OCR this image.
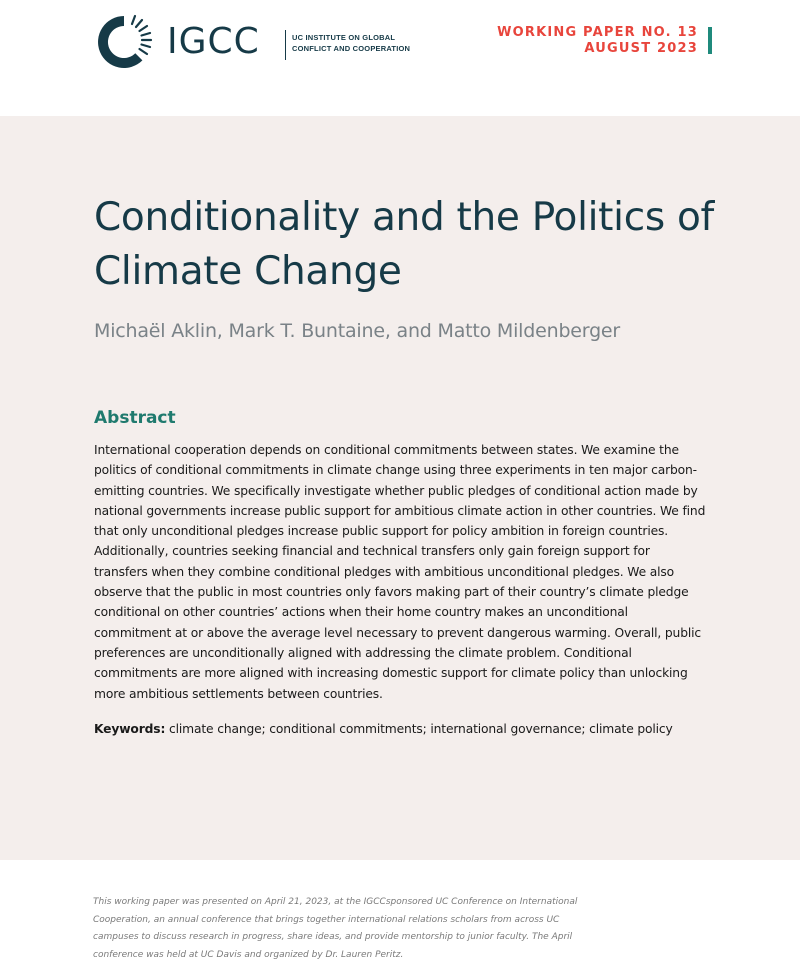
IGCC	UC INSTITUTE ON GLOBAL
CONFLICT AND COOPERATION
WORKING PAPER NO. 13
AUGUST 2023
Conditionality and the Politics of Climate Change

Michaël Aklin, Mark T. Buntaine, and Matto Mildenberger

Abstract

International cooperation depends on conditional commitments between states. We examine the politics of conditional commitments in climate change using three experiments in ten major carbon-emitting countries. We specifically investigate whether public pledges of conditional action made by national governments increase public support for ambitious climate action in other countries. We find that only unconditional pledges increase public support for policy ambition in foreign countries. Additionally, countries seeking financial and technical transfers only gain foreign support for transfers when they combine conditional pledges with ambitious unconditional pledges. We also observe that the public in most countries only favors making part of their country’s climate pledge conditional on other countries’ actions when their home country makes an unconditional commitment at or above the average level necessary to prevent dangerous warming. Overall, public preferences are unconditionally aligned with addressing the climate problem. Conditional commitments are more aligned with increasing domestic support for climate policy than unlocking more ambitious settlements between countries.

Keywords: climate change; conditional commitments; international governance; climate policy

This working paper was presented on April 21, 2023, at the IGCCsponsored UC Conference on International Cooperation, an annual conference that brings together international relations scholars from across UC campuses to discuss research in progress, share ideas, and provide mentorship to junior faculty. The April conference was held at UC Davis and organized by Dr. Lauren Peritz.
